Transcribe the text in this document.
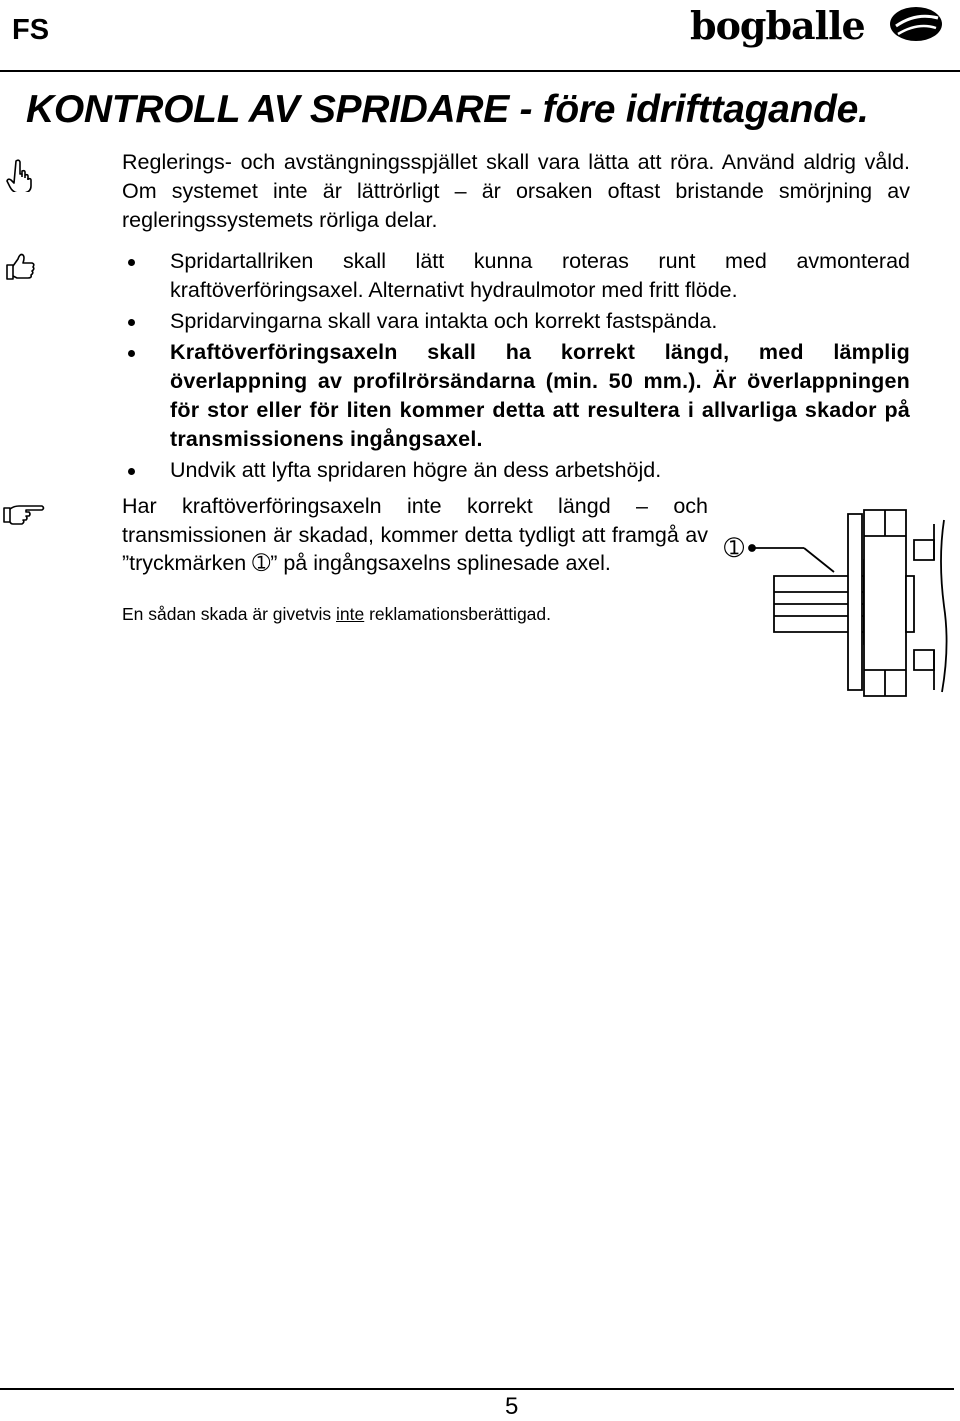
FS	bogballe
KONTROLL AV SPRIDARE - före idrifttagande.
Reglerings- och avstängningsspjället skall vara lätta att röra. Använd aldrig våld. Om systemet inte är lättrörligt – är orsaken oftast bristande smörjning av regleringssystemets rörliga delar.
Spridartallriken skall lätt kunna roteras runt med avmonterad kraftöverföringsaxel. Alternativt hydraulmotor med fritt flöde.
Spridarvingarna skall vara intakta och korrekt fastspända.
Kraftöverföringsaxeln skall ha korrekt längd, med lämplig överlappning av profilrörsändarna (min. 50 mm.). Är överlappningen för stor eller för liten kommer detta att resultera i allvarliga skador på transmissionens ingångsaxel.
Undvik att lyfta spridaren högre än dess arbetshöjd.
Har kraftöverföringsaxeln inte korrekt längd – och transmissionen är skadad, kommer detta tydligt att framgå av ”tryckmärken ➀” på ingångsaxelns splinesade axel.
En sådan skada är givetvis inte reklamationsberättigad.
➀
5
